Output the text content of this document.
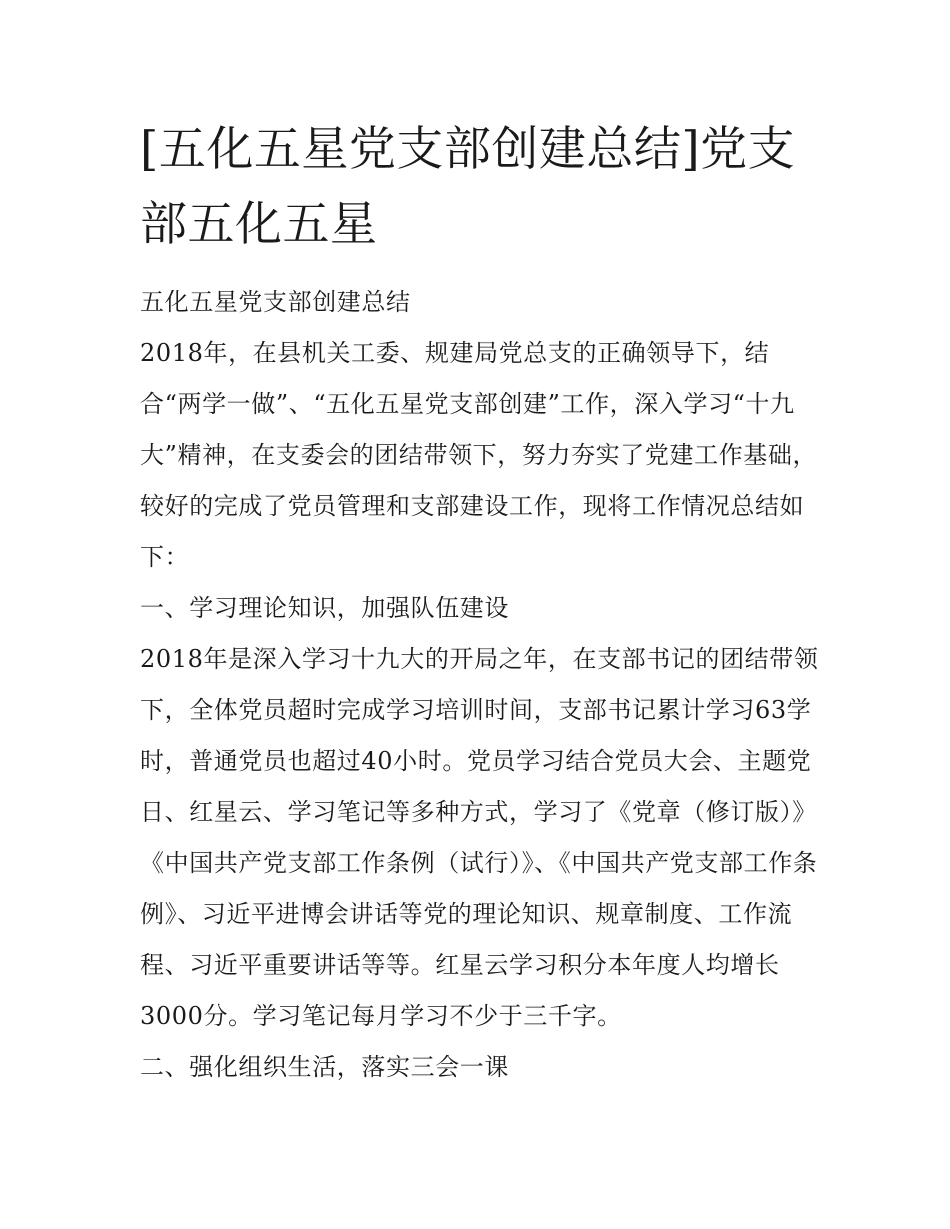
[五化五星党支部创建总结]党支部五化五星

五化五星党支部创建总结

2018年，在县机关工委、规建局党总支的正确领导下，结合“两学一做”、“五化五星党支部创建”工作，深入学习“十九大”精神，在支委会的团结带领下，努力夯实了党建工作基础，较好的完成了党员管理和支部建设工作，现将工作情况总结如下：

一、学习理论知识，加强队伍建设

2018年是深入学习十九大的开局之年，在支部书记的团结带领下，全体党员超时完成学习培训时间，支部书记累计学习63学时，普通党员也超过40小时。党员学习结合党员大会、主题党日、红星云、学习笔记等多种方式，学习了《党章（修订版）》《中国共产党支部工作条例（试行）》、《中国共产党支部工作条例》、习近平进博会讲话等党的理论知识、规章制度、工作流程、习近平重要讲话等等。红星云学习积分本年度人均增长3000分。学习笔记每月学习不少于三千字。

二、强化组织生活，落实三会一课
